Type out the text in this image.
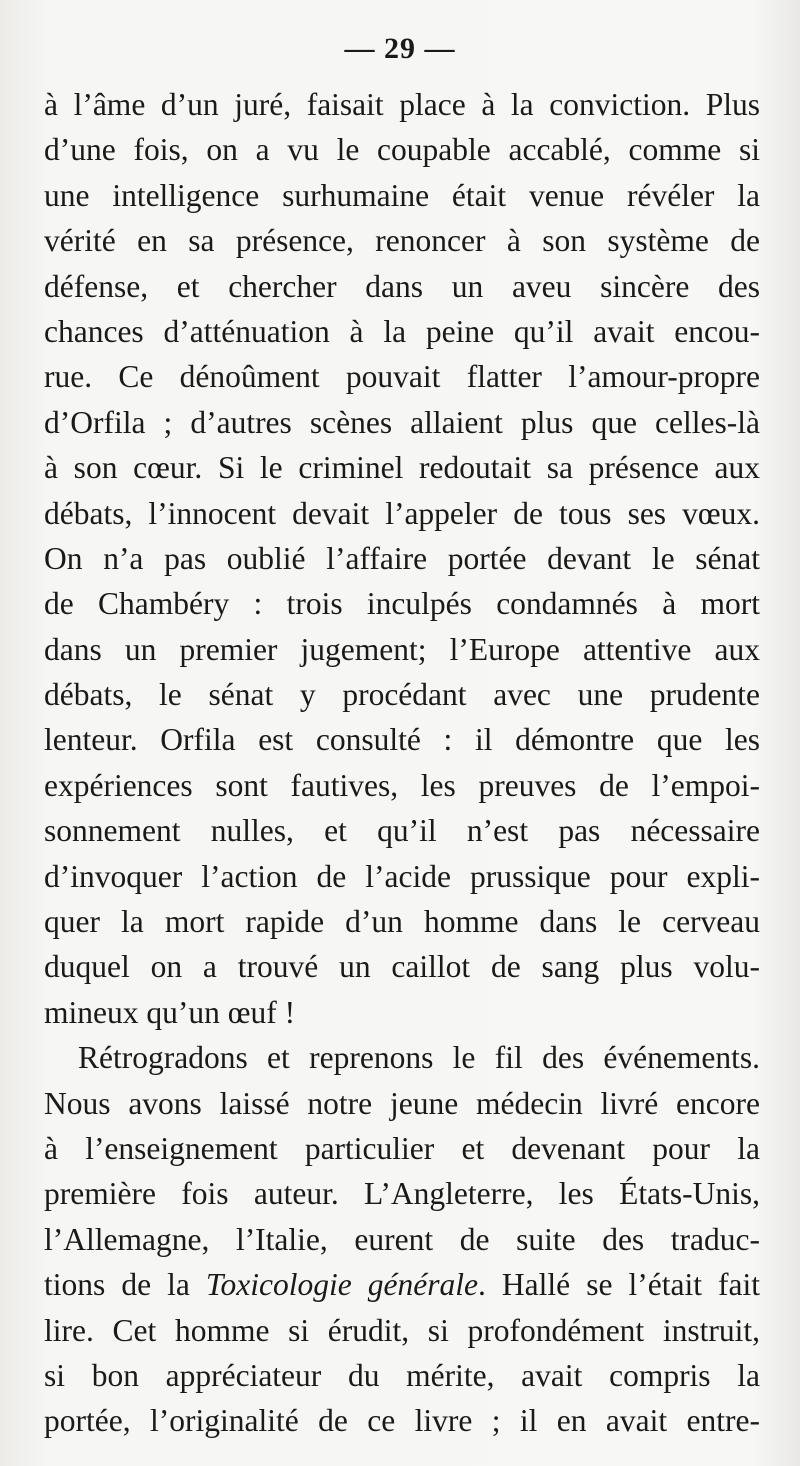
— 29 —
à l’âme d’un juré, faisait place à la conviction. Plus
d’une fois, on a vu le coupable accablé, comme si
une intelligence surhumaine était venue révéler la
vérité en sa présence, renoncer à son système de
défense, et chercher dans un aveu sincère des
chances d’atténuation à la peine qu’il avait encou-
rue. Ce dénoûment pouvait flatter l’amour-propre
d’Orfila ; d’autres scènes allaient plus que celles-là
à son cœur. Si le criminel redoutait sa présence aux
débats, l’innocent devait l’appeler de tous ses vœux.
On n’a pas oublié l’affaire portée devant le sénat
de Chambéry : trois inculpés condamnés à mort
dans un premier jugement; l’Europe attentive aux
débats, le sénat y procédant avec une prudente
lenteur. Orfila est consulté : il démontre que les
expériences sont fautives, les preuves de l’empoi-
sonnement nulles, et qu’il n’est pas nécessaire
d’invoquer l’action de l’acide prussique pour expli-
quer la mort rapide d’un homme dans le cerveau
duquel on a trouvé un caillot de sang plus volu-
mineux qu’un œuf !
Rétrogradons et reprenons le fil des événements.
Nous avons laissé notre jeune médecin livré encore
à l’enseignement particulier et devenant pour la
première fois auteur. L’Angleterre, les États-Unis,
l’Allemagne, l’Italie, eurent de suite des traduc-
tions de la Toxicologie générale. Hallé se l’était fait
lire. Cet homme si érudit, si profondément instruit,
si bon appréciateur du mérite, avait compris la
portée, l’originalité de ce livre ; il en avait entre-
